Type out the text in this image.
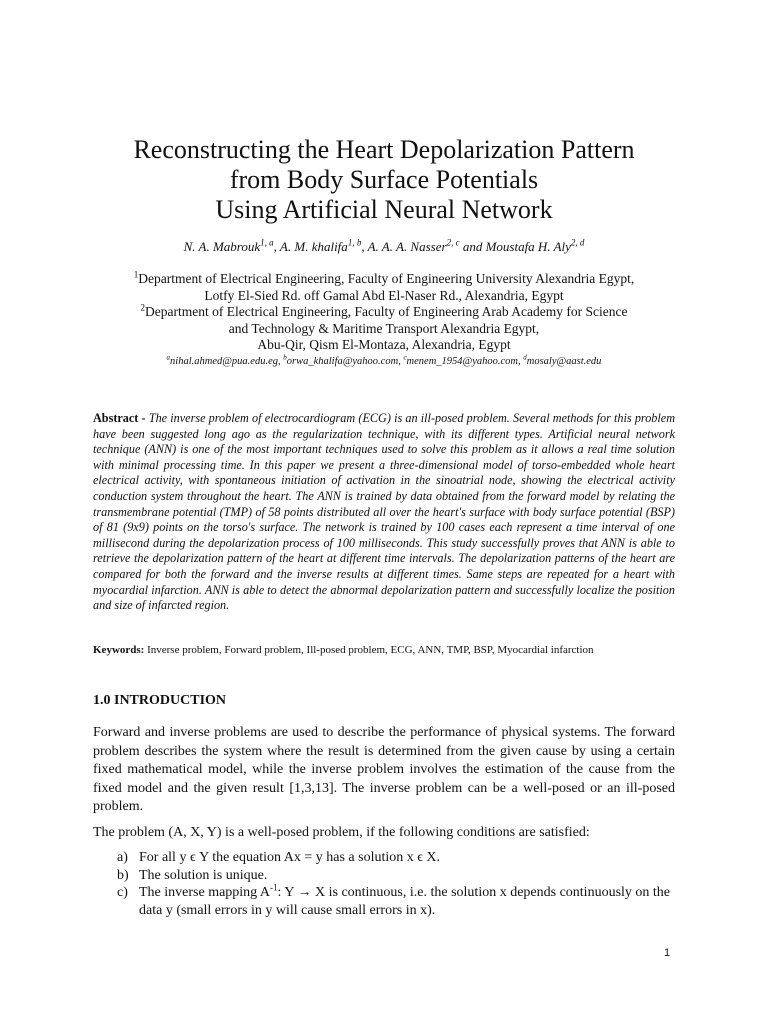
Reconstructing the Heart Depolarization Pattern
from Body Surface Potentials
Using Artificial Neural Network
N. A. Mabrouk$^{1, a}$, A. M. khalifa$^{1, b}$, A. A. A. Nasser$^{2, c}$ and Moustafa H. Aly$^{2, d}$
$^1$Department of Electrical Engineering, Faculty of Engineering University Alexandria Egypt,
Lotfy El-Sied Rd. off Gamal Abd El-Naser Rd., Alexandria, Egypt
$^2$Department of Electrical Engineering, Faculty of Engineering Arab Academy for Science
and Technology & Maritime Transport Alexandria Egypt,
Abu-Qir, Qism El-Montaza, Alexandria, Egypt
$^a$nihal.ahmed@pua.edu.eg, $^b$orwa_khalifa@yahoo.com, $^c$menem_1954@yahoo.com, $^d$mosaly@aast.edu

Abstract - The inverse problem of electrocardiogram (ECG) is an ill-posed problem. Several methods for this problem have been suggested long ago as the regularization technique, with its different types. Artificial neural network technique (ANN) is one of the most important techniques used to solve this problem as it allows a real time solution with minimal processing time. In this paper we present a three-dimensional model of torso-embedded whole heart electrical activity, with spontaneous initiation of activation in the sinoatrial node, showing the electrical activity conduction system throughout the heart. The ANN is trained by data obtained from the forward model by relating the transmembrane potential (TMP) of 58 points distributed all over the heart's surface with body surface potential (BSP) of 81 (9x9) points on the torso's surface. The network is trained by 100 cases each represent a time interval of one millisecond during the depolarization process of 100 milliseconds. This study successfully proves that ANN is able to retrieve the depolarization pattern of the heart at different time intervals. The depolarization patterns of the heart are compared for both the forward and the inverse results at different times. Same steps are repeated for a heart with myocardial infarction. ANN is able to detect the abnormal depolarization pattern and successfully localize the position and size of infarcted region.

Keywords: Inverse problem, Forward problem, Ill-posed problem, ECG, ANN, TMP, BSP, Myocardial infarction
1.0 INTRODUCTION

Forward and inverse problems are used to describe the performance of physical systems. The forward problem describes the system where the result is determined from the given cause by using a certain fixed mathematical model, while the inverse problem involves the estimation of the cause from the fixed model and the given result [1,3,13]. The inverse problem can be a well-posed or an ill-posed problem.

The problem (A, X, Y) is a well-posed problem, if the following conditions are satisfied:

a) For all y ϵ Y the equation Ax = y has a solution x ϵ X.
b) The solution is unique.
c) The inverse mapping $A^{-1}$: Y → X is continuous, i.e. the solution x depends continuously on the data y (small errors in y will cause small errors in x).
1
